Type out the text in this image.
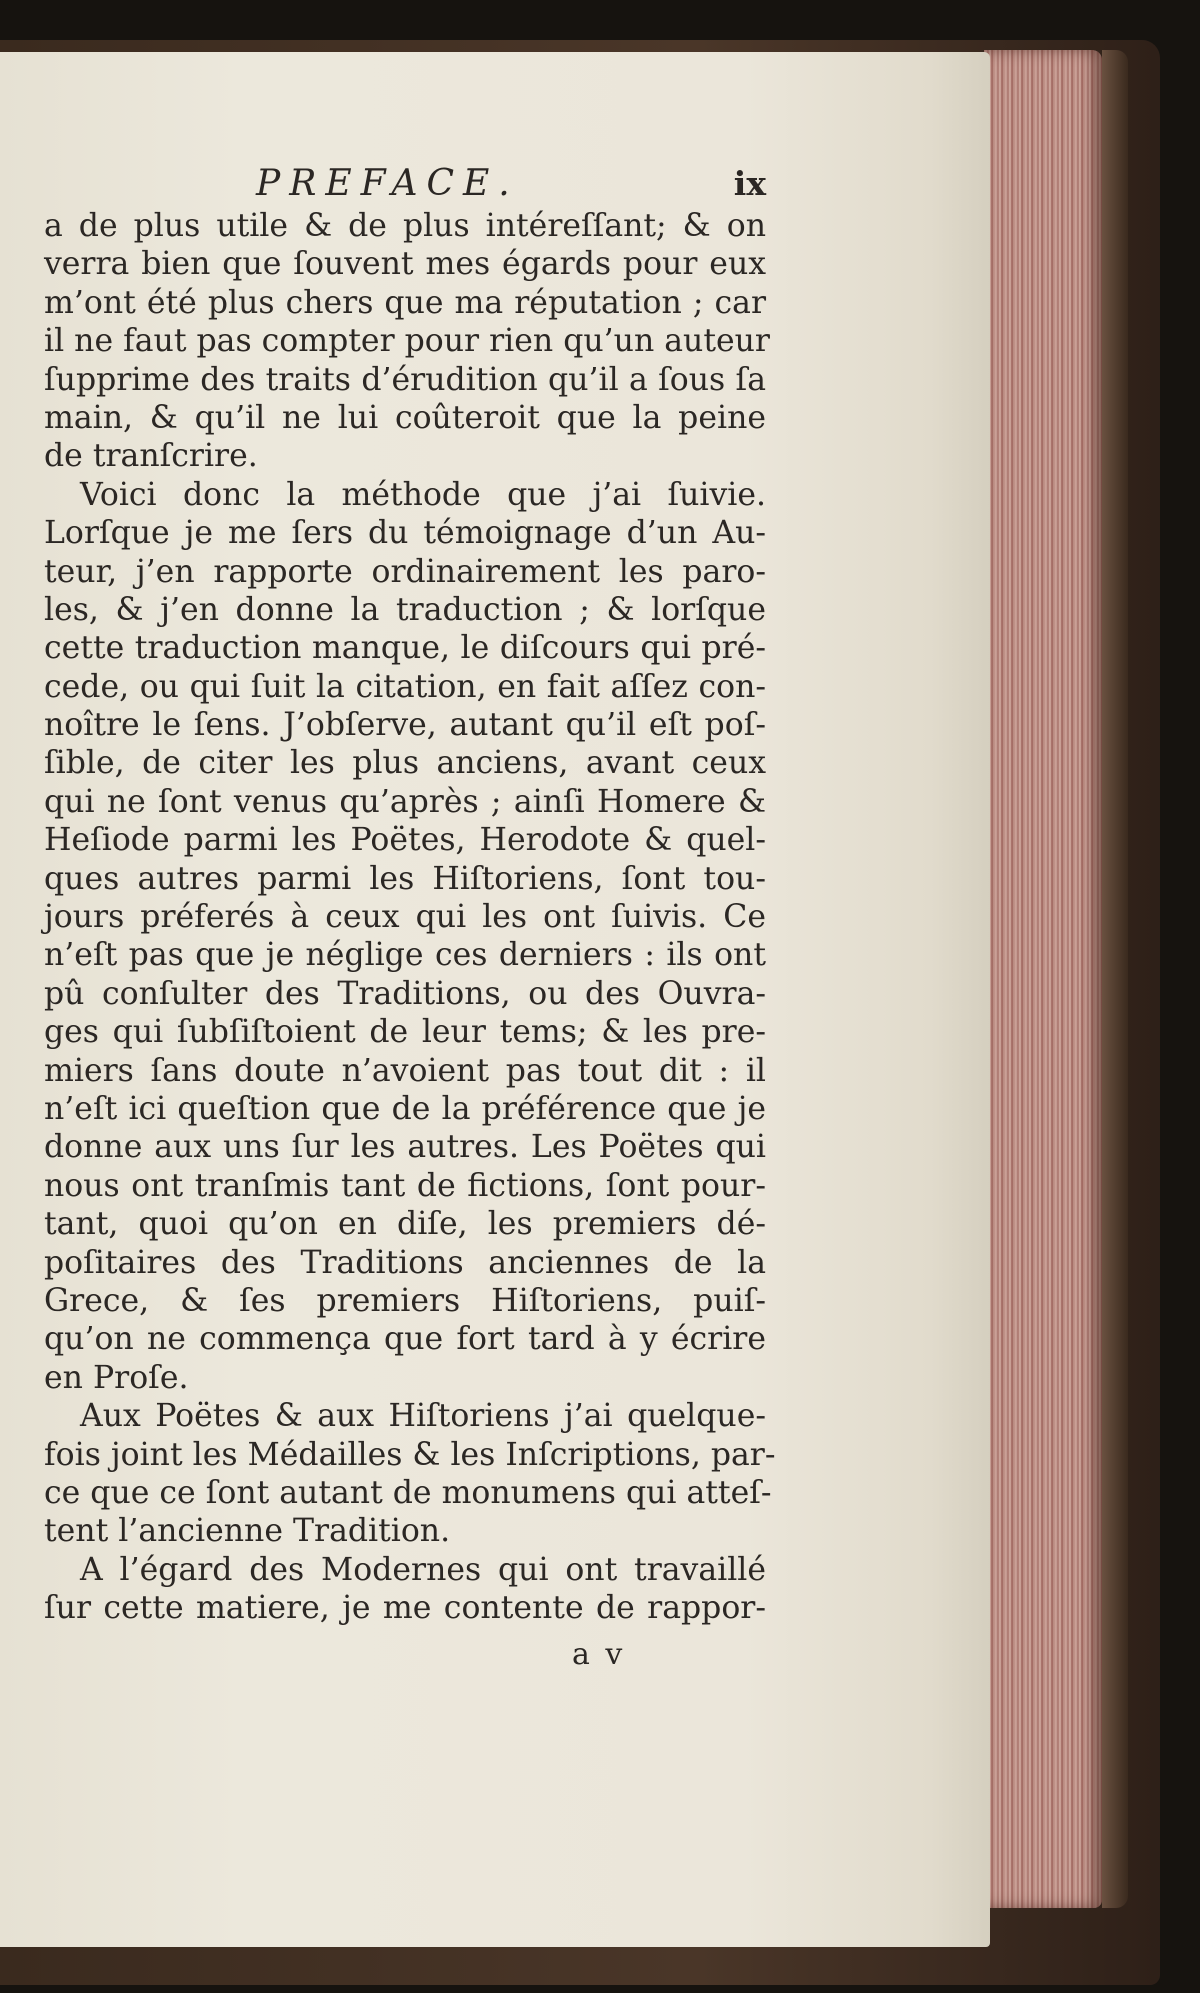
PREFACE.	ix
a de plus utile & de plus intéreſſant; & on
verra bien que ſouvent mes égards pour eux
m’ont été plus chers que ma réputation ; car
il ne faut pas compter pour rien qu’un auteur
ſupprime des traits d’érudition qu’il a ſous ſa
main, & qu’il ne lui coûteroit que la peine
de tranſcrire.
Voici donc la méthode que j’ai ſuivie.
Lorſque je me ſers du témoignage d’un Au-
teur, j’en rapporte ordinairement les paro-
les, & j’en donne la traduction ; & lorſque
cette traduction manque, le diſcours qui pré-
cede, ou qui ſuit la citation, en fait aſſez con-
noître le ſens. J’obſerve, autant qu’il eſt poſ-
ſible, de citer les plus anciens, avant ceux
qui ne ſont venus qu’après ; ainſi Homere &
Heſiode parmi les Poëtes, Herodote & quel-
ques autres parmi les Hiſtoriens, ſont tou-
jours préferés à ceux qui les ont ſuivis. Ce
n’eſt pas que je néglige ces derniers : ils ont
pû conſulter des Traditions, ou des Ouvra-
ges qui ſubſiſtoient de leur tems; & les pre-
miers ſans doute n’avoient pas tout dit : il
n’eſt ici queſtion que de la préférence que je
donne aux uns ſur les autres. Les Poëtes qui
nous ont tranſmis tant de fictions, ſont pour-
tant, quoi qu’on en diſe, les premiers dé-
poſitaires des Traditions anciennes de la
Grece, & ſes premiers Hiſtoriens, puiſ-
qu’on ne commença que fort tard à y écrire
en Proſe.
Aux Poëtes & aux Hiſtoriens j’ai quelque-
fois joint les Médailles & les Inſcriptions, par-
ce que ce ſont autant de monumens qui atteſ-
tent l’ancienne Tradition.
A l’égard des Modernes qui ont travaillé
ſur cette matiere, je me contente de rappor-
a v
